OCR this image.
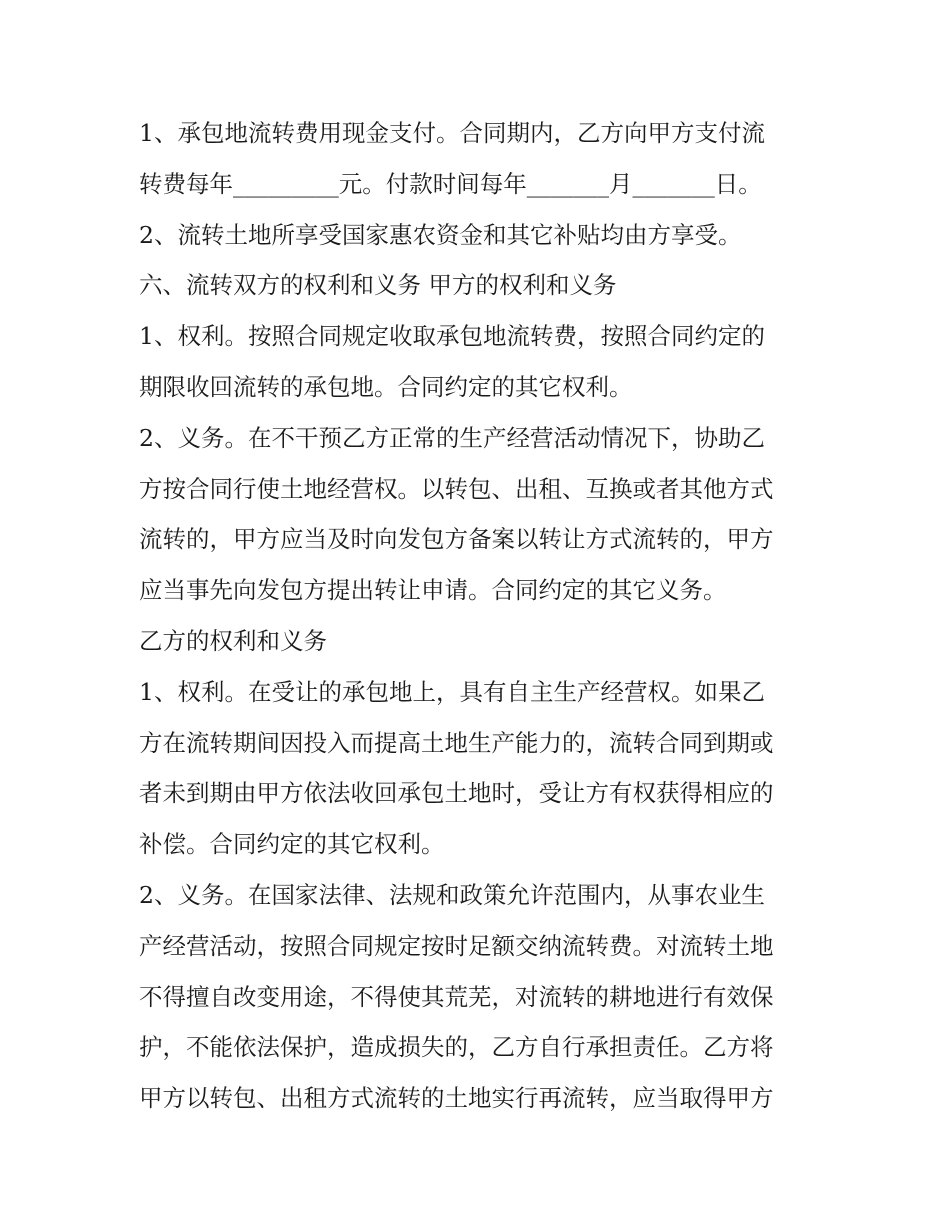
1、承包地流转费用现金支付。合同期内，乙方向甲方支付流
转费每年_________元。付款时间每年_______月_______日。
2、流转土地所享受国家惠农资金和其它补贴均由方享受。
六、流转双方的权利和义务 甲方的权利和义务
1、权利。按照合同规定收取承包地流转费，按照合同约定的
期限收回流转的承包地。合同约定的其它权利。
2、义务。在不干预乙方正常的生产经营活动情况下，协助乙
方按合同行使土地经营权。以转包、出租、互换或者其他方式
流转的，甲方应当及时向发包方备案以转让方式流转的，甲方
应当事先向发包方提出转让申请。合同约定的其它义务。
乙方的权利和义务
1、权利。在受让的承包地上，具有自主生产经营权。如果乙
方在流转期间因投入而提高土地生产能力的，流转合同到期或
者未到期由甲方依法收回承包土地时，受让方有权获得相应的
补偿。合同约定的其它权利。
2、义务。在国家法律、法规和政策允许范围内，从事农业生
产经营活动，按照合同规定按时足额交纳流转费。对流转土地
不得擅自改变用途，不得使其荒芜，对流转的耕地进行有效保
护，不能依法保护，造成损失的，乙方自行承担责任。乙方将
甲方以转包、出租方式流转的土地实行再流转，应当取得甲方
